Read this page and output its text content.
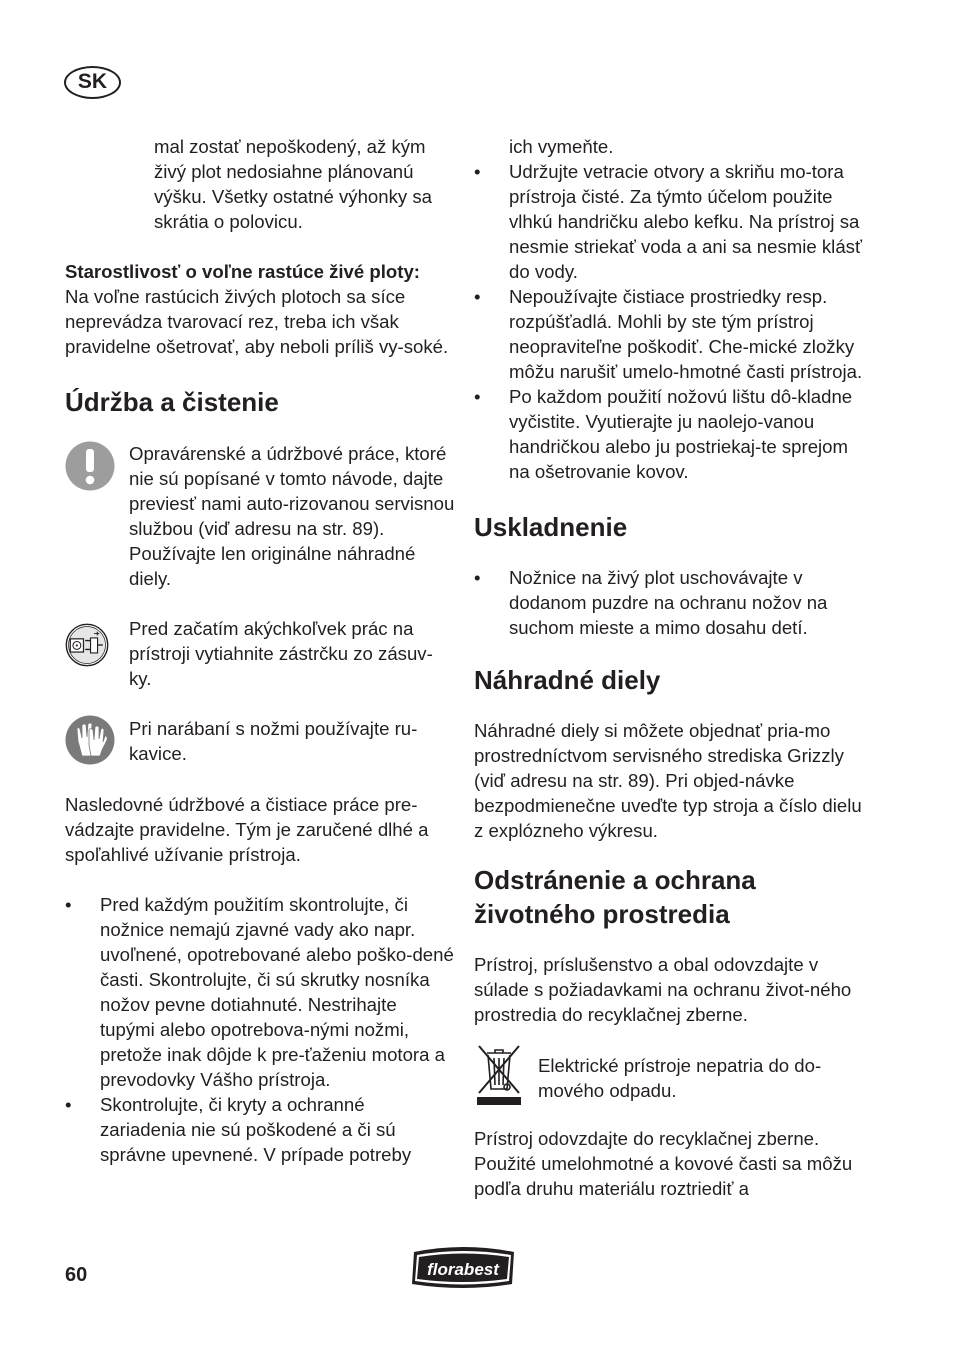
SK

mal zostať nepoškodený, až kým živý plot nedosiahne plánovanú výšku. Všetky ostatné výhonky sa skrátia o polovicu.

Starostlivosť o voľne rastúce živé ploty:

Na voľne rastúcich živých plotoch sa síce neprevádza tvarovací rez, treba ich však pravidelne ošetrovať, aby neboli príliš vy-soké.

Údržba a čistenie

Opravárenské a údržbové práce, ktoré nie sú popísané v tomto návode, dajte previesť nami auto-rizovanou servisnou službou (viď adresu na str. 89). Používajte len originálne náhradné diely.

Pred začatím akýchkoľvek prác na prístroji vytiahnite zástrčku zo zásuv-ky.

Pri narábaní s nožmi používajte ru-kavice.

Nasledovné údržbové a čistiace práce pre-vádzajte pravidelne. Tým je zaručené dlhé a spoľahlivé užívanie prístroja.

• Pred každým použitím skontrolujte, či nožnice nemajú zjavné vady ako napr. uvoľnené, opotrebované alebo poško-dené časti. Skontrolujte, či sú skrutky nosníka nožov pevne dotiahnuté. Nestrihajte tupými alebo opotrebova-nými nožmi, pretože inak dôjde k pre-ťaženiu motora a prevodovky Vášho prístroja.
• Skontrolujte, či kryty a ochranné zariadenia nie sú poškodené a či sú správne upevnené. V prípade potreby

ich vymeňte.

• Udržujte vetracie otvory a skriňu mo-tora prístroja čisté. Za týmto účelom použite vlhkú handričku alebo kefku. Na prístroj sa nesmie striekať voda a ani sa nesmie klásť do vody.
• Nepoužívajte čistiace prostriedky resp. rozpúšťadlá. Mohli by ste tým prístroj neopraviteľne poškodiť. Che-mické zložky môžu narušiť umelo-hmotné časti prístroja.
• Po každom použití nožovú lištu dô-kladne vyčistite. Vyutierajte ju naolejo-vanou handričkou alebo ju postriekaj-te sprejom na ošetrovanie kovov.
Uskladnenie
• Nožnice na živý plot uschovávajte v dodanom puzdre na ochranu nožov na suchom mieste a mimo dosahu detí.
Náhradné diely

Náhradné diely si môžete objednať pria-mo prostredníctvom servisného strediska Grizzly (viď adresu na str. 89). Pri objed-návke bezpodmienečne uveďte typ stroja a číslo dielu z explózneho výkresu.

Odstránenie a ochrana životného prostredia

Prístroj, príslušenstvo a obal odovzdajte v súlade s požiadavkami na ochranu život-ného prostredia do recyklačnej zberne.

Elektrické prístroje nepatria do do-mového odpadu.

Prístroj odovzdajte do recyklačnej zberne. Použité umelohmotné a kovové časti sa môžu podľa druhu materiálu roztriediť a

60	florabest
